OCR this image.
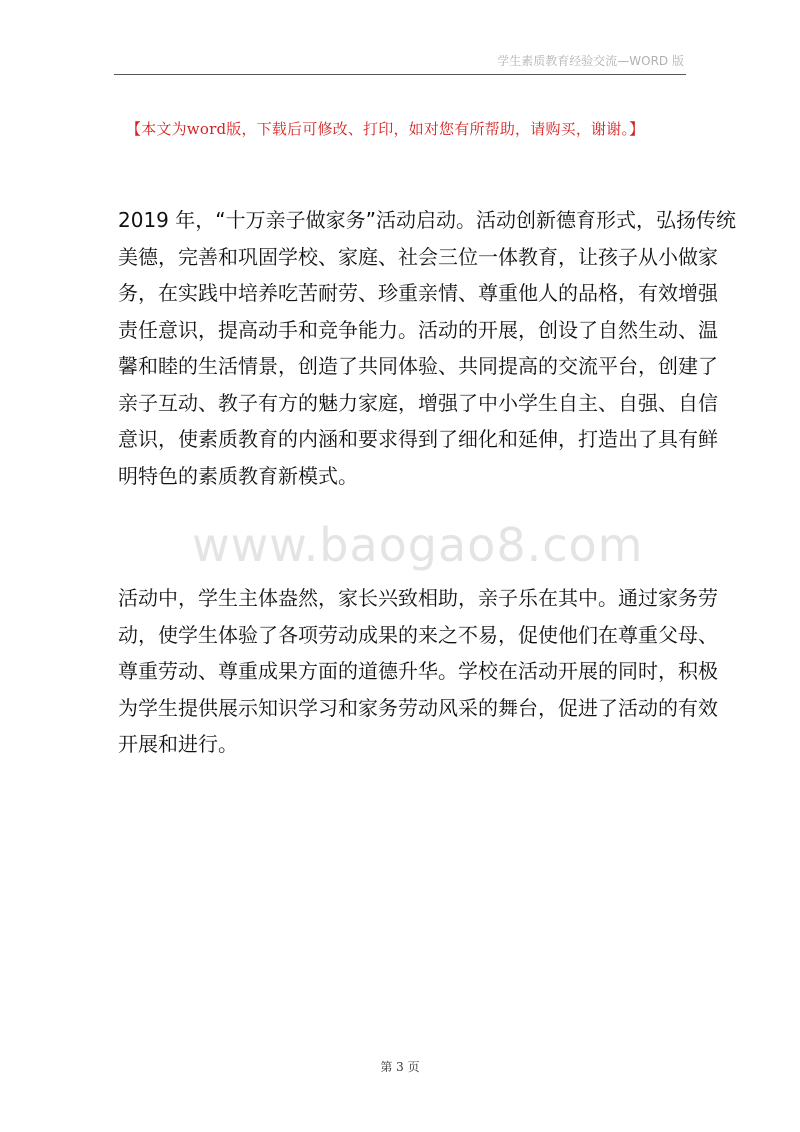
学生素质教育经验交流—WORD 版
【本文为word版，下载后可修改、打印，如对您有所帮助，请购买，谢谢。】
2019 年，“十万亲子做家务”活动启动。活动创新德育形式，弘扬传统
美德，完善和巩固学校、家庭、社会三位一体教育，让孩子从小做家
务，在实践中培养吃苦耐劳、珍重亲情、尊重他人的品格，有效增强
责任意识，提高动手和竞争能力。活动的开展，创设了自然生动、温
馨和睦的生活情景，创造了共同体验、共同提高的交流平台，创建了
亲子互动、教子有方的魅力家庭，增强了中小学生自主、自强、自信
意识，使素质教育的内涵和要求得到了细化和延伸，打造出了具有鲜
明特色的素质教育新模式。
www.baogao8.com
活动中，学生主体盎然，家长兴致相助，亲子乐在其中。通过家务劳
动，使学生体验了各项劳动成果的来之不易，促使他们在尊重父母、
尊重劳动、尊重成果方面的道德升华。学校在活动开展的同时，积极
为学生提供展示知识学习和家务劳动风采的舞台，促进了活动的有效
开展和进行。
第 3 页
